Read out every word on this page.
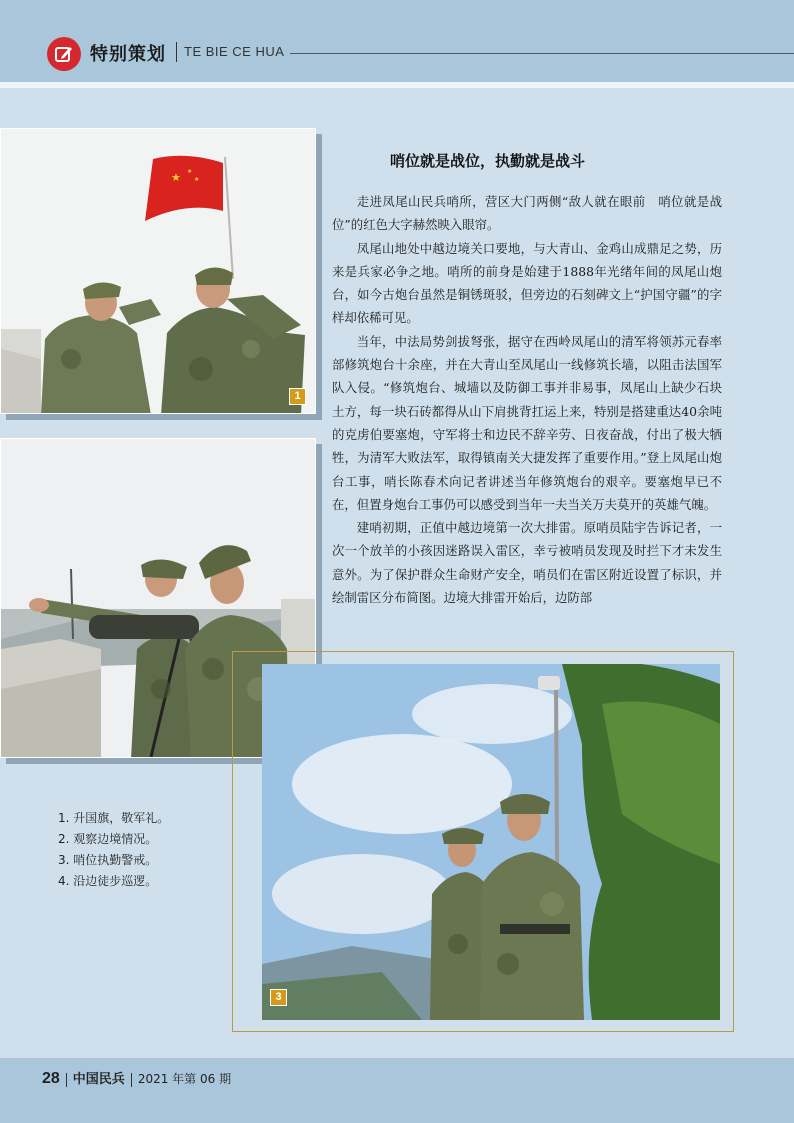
特别策划 TE BIE CE HUA
★ ★
★
1
哨位就是战位，执勤就是战斗

走进凤尾山民兵哨所，营区大门两侧“敌人就在眼前　哨位就是战位”的红色大字赫然映入眼帘。

凤尾山地处中越边境关口要地，与大青山、金鸡山成鼎足之势，历来是兵家必争之地。哨所的前身是始建于1888年光绪年间的凤尾山炮台，如今古炮台虽然是铜锈斑驳，但旁边的石刻碑文上“护国守疆”的字样却依稀可见。

当年，中法局势剑拔弩张，据守在西岭凤尾山的清军将领苏元春率部修筑炮台十余座，并在大青山至凤尾山一线修筑长墙，以阻击法国军队入侵。“修筑炮台、城墙以及防御工事并非易事，凤尾山上缺少石块土方，每一块石砖都得从山下肩挑背扛运上来，特别是搭建重达40余吨的克虏伯要塞炮，守军将士和边民不辞辛劳、日夜奋战，付出了极大牺牲，为清军大败法军，取得镇南关大捷发挥了重要作用。”登上凤尾山炮台工事，哨长陈春术向记者讲述当年修筑炮台的艰辛。要塞炮早已不在，但置身炮台工事仍可以感受到当年一夫当关万夫莫开的英雄气魄。

建哨初期，正值中越边境第一次大排雷。原哨员陆宇告诉记者，一次一个放羊的小孩因迷路误入雷区，幸亏被哨员发现及时拦下才未发生意外。为了保护群众生命财产安全，哨员们在雷区附近设置了标识，并绘制雷区分布简图。边境大排雷开始后，边防部

3
1. 升国旗，敬军礼。
2. 观察边境情况。
3. 哨位执勤警戒。
4. 沿边徒步巡逻。
28 中国民兵 2021 年第 06 期
